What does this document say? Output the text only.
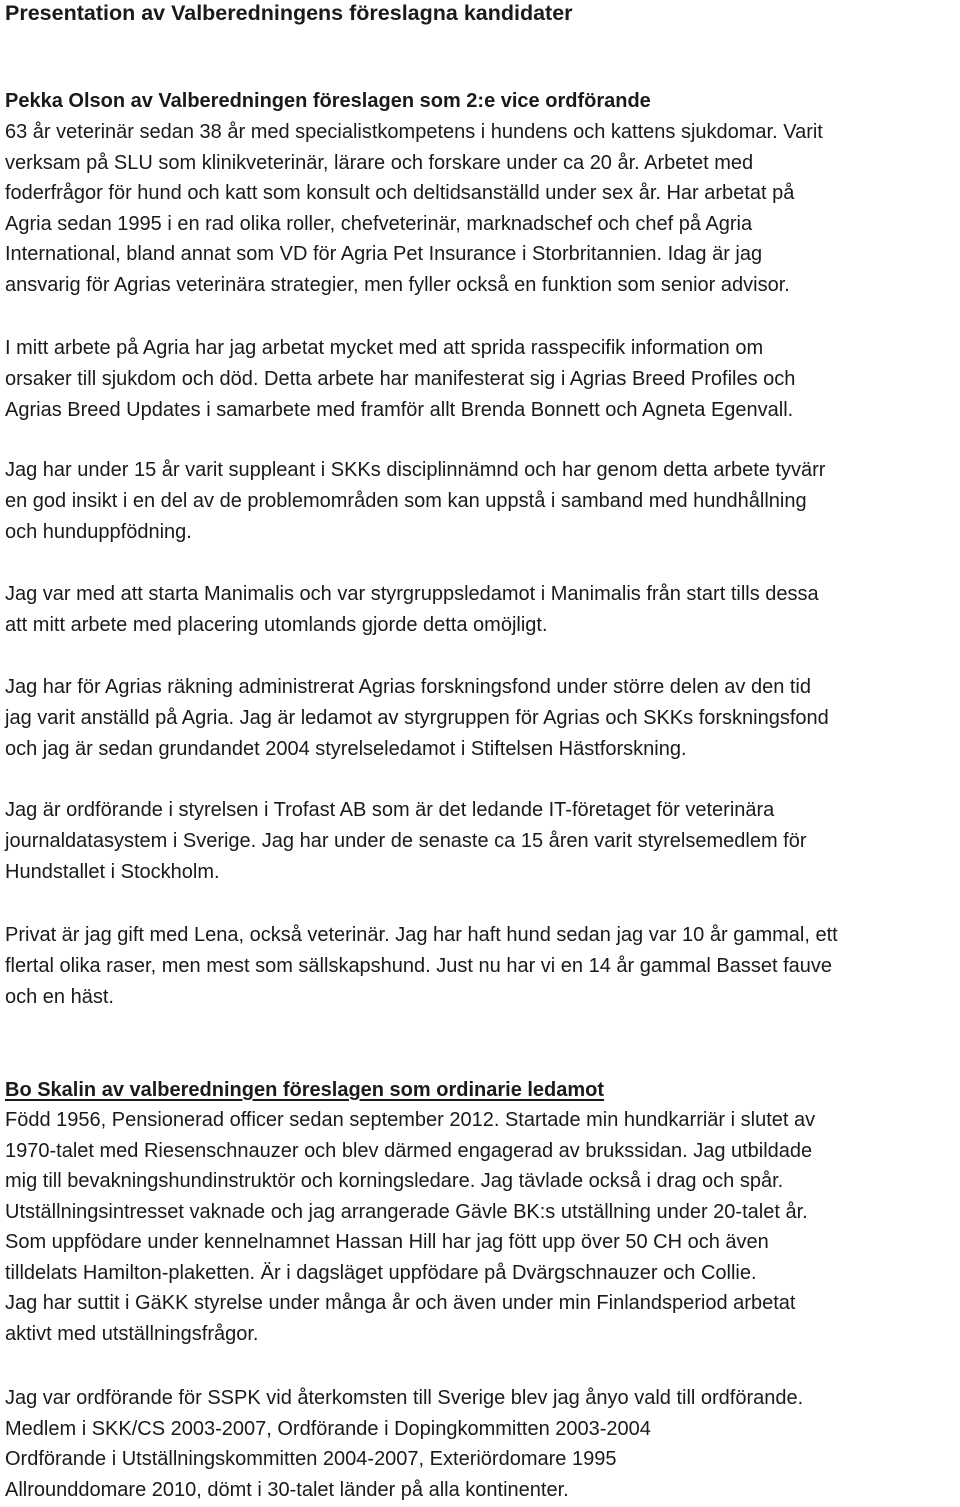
Presentation av Valberedningens föreslagna kandidater
Pekka Olson av Valberedningen föreslagen som 2:e vice ordförande

63 år veterinär sedan 38 år med specialistkompetens i hundens och kattens sjukdomar. Varit
verksam på SLU som klinikveterinär, lärare och forskare under ca 20 år. Arbetet med
foderfrågor för hund och katt som konsult och deltidsanställd under sex år. Har arbetat på
Agria sedan 1995 i en rad olika roller, chefveterinär, marknadschef och chef på Agria
International, bland annat som VD för Agria Pet Insurance i Storbritannien. Idag är jag
ansvarig för Agrias veterinära strategier, men fyller också en funktion som senior advisor.

I mitt arbete på Agria har jag arbetat mycket med att sprida rasspecifik information om
orsaker till sjukdom och död. Detta arbete har manifesterat sig i Agrias Breed Profiles och
Agrias Breed Updates i samarbete med framför allt Brenda Bonnett och Agneta Egenvall.

Jag har under 15 år varit suppleant i SKKs disciplinnämnd och har genom detta arbete tyvärr
en god insikt i en del av de problemområden som kan uppstå i samband med hundhållning
och hunduppfödning.

Jag var med att starta Manimalis och var styrgruppsledamot i Manimalis från start tills dessa
att mitt arbete med placering utomlands gjorde detta omöjligt.

Jag har för Agrias räkning administrerat Agrias forskningsfond under större delen av den tid
jag varit anställd på Agria. Jag är ledamot av styrgruppen för Agrias och SKKs forskningsfond
och jag är sedan grundandet 2004 styrelseledamot i Stiftelsen Hästforskning.

Jag är ordförande i styrelsen i Trofast AB som är det ledande IT-företaget för veterinära
journaldatasystem i Sverige. Jag har under de senaste ca 15 åren varit styrelsemedlem för
Hundstallet i Stockholm.

Privat är jag gift med Lena, också veterinär. Jag har haft hund sedan jag var 10 år gammal, ett
flertal olika raser, men mest som sällskapshund. Just nu har vi en 14 år gammal Basset fauve
och en häst.

Bo Skalin av valberedningen föreslagen som ordinarie ledamot

Född 1956, Pensionerad officer sedan september 2012. Startade min hundkarriär i slutet av
1970-talet med Riesenschnauzer och blev därmed engagerad av brukssidan. Jag utbildade
mig till bevakningshundinstruktör och korningsledare. Jag tävlade också i drag och spår.
Utställningsintresset vaknade och jag arrangerade Gävle BK:s utställning under 20-talet år.
Som uppfödare under kennelnamnet Hassan Hill har jag fött upp över 50 CH och även
tilldelats Hamilton-plaketten. Är i dagsläget uppfödare på Dvärgschnauzer och Collie.
Jag har suttit i GäKK styrelse under många år och även under min Finlandsperiod arbetat
aktivt med utställningsfrågor.

Jag var ordförande för SSPK vid återkomsten till Sverige blev jag ånyo vald till ordförande.
Medlem i SKK/CS 2003-2007, Ordförande i Dopingkommitten 2003-2004
Ordförande i Utställningskommitten 2004-2007, Exteriördomare 1995
Allrounddomare 2010, dömt i 30-talet länder på alla kontinenter.
